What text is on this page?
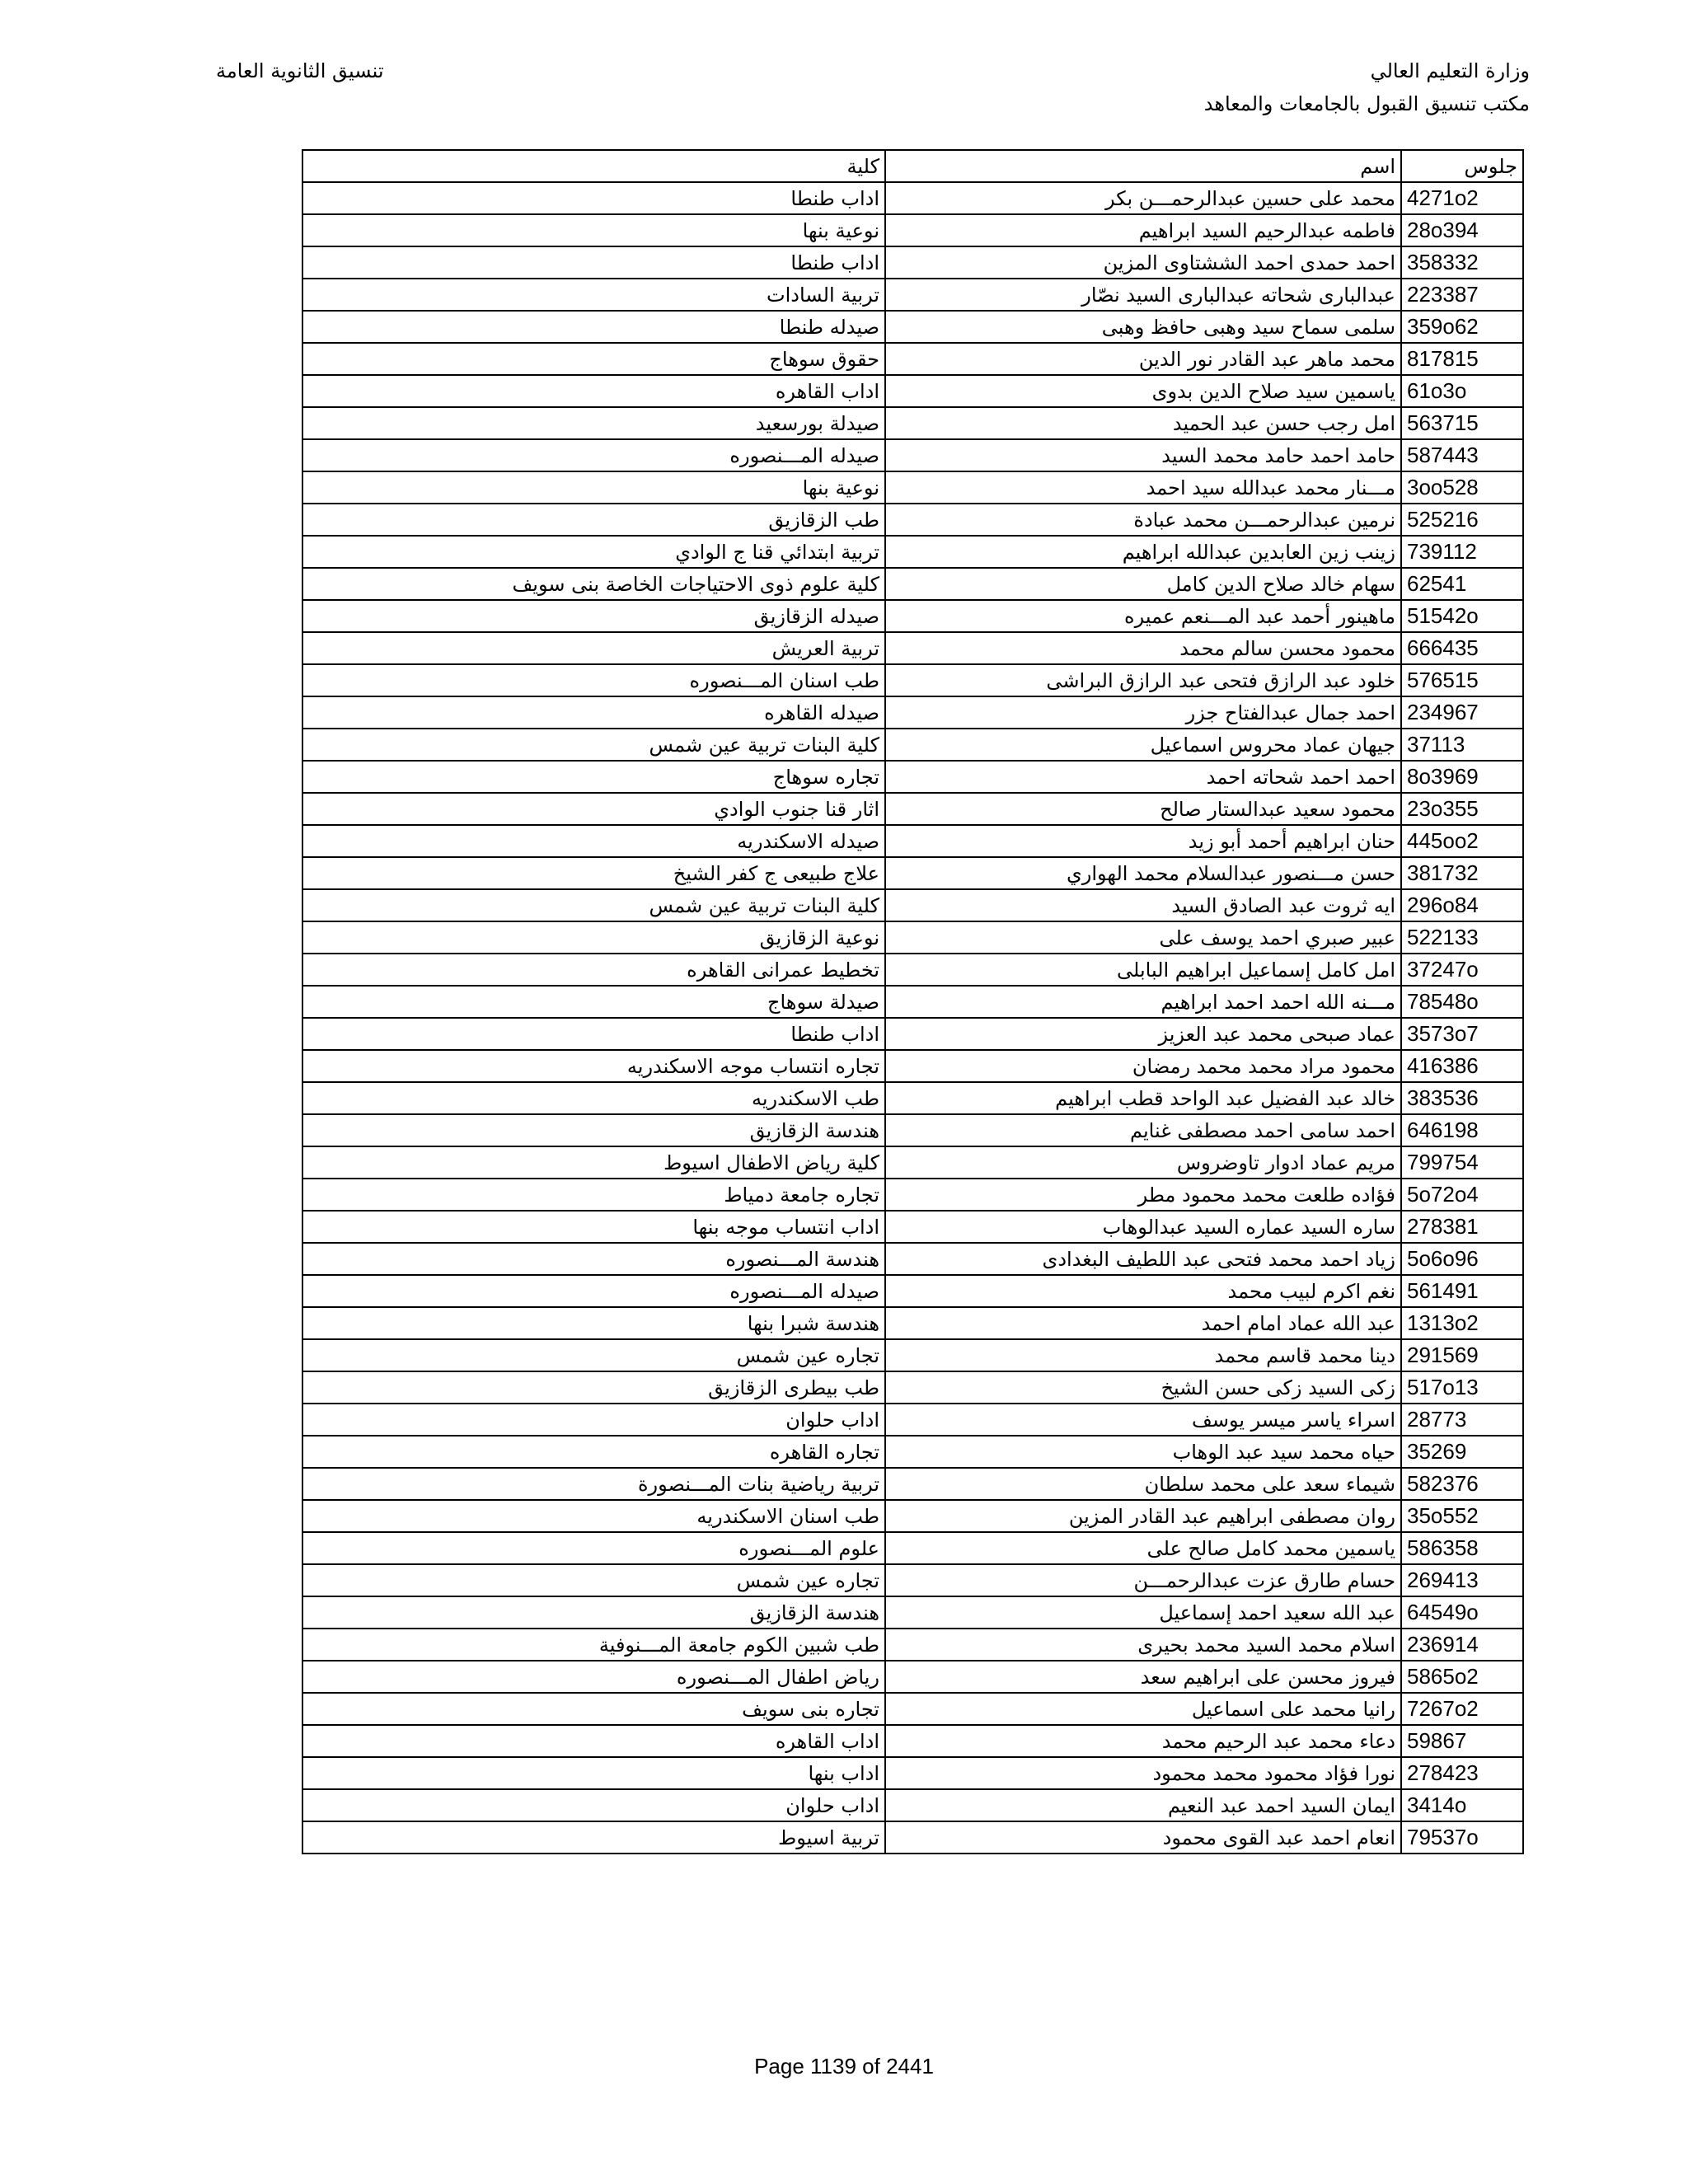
وزارة التعليم العالي
مكتب تنسيق القبول بالجامعات والمعاهد
تنسيق الثانوية العامة
جلوس	اسم	كلية
4271o2	محمد على حسين عبدالرحمـــن بكر	اداب طنطا
28o394	فاطمه عبدالرحيم السيد ابراهيم	نوعية بنها
358332	احمد حمدى احمد الششتاوى المزين	اداب طنطا
223387	عبدالبارى شحاته عبدالبارى السيد نصّار	تربية السادات
359o62	سلمى سماح سيد وهبى حافظ وهبى	صيدله طنطا
817815	محمد ماهر عبد القادر نور الدين	حقوق سوهاج
61o3o	ياسمين سيد صلاح الدين بدوى	اداب القاهره
563715	امل رجب حسن عبد الحميد	صيدلة بورسعيد
587443	حامد احمد حامد محمد السيد	صيدله المـــنصوره
3oo528	مـــنار محمد عبدالله سيد احمد	نوعية بنها
525216	نرمين عبدالرحمـــن محمد عبادة	طب الزقازيق
739112	زينب زين العابدين عبدالله ابراهيم	تربية ابتدائي قنا ج الوادي
62541	سهام خالد صلاح الدين كامل	كلية علوم ذوى الاحتياجات الخاصة بنى سويف
51542o	ماهينور أحمد عبد المـــنعم عميره	صيدله الزقازيق
666435	محمود محسن سالم محمد	تربية العريش
576515	خلود عبد الرازق فتحى عبد الرازق البراشى	طب اسنان المـــنصوره
234967	احمد جمال عبدالفتاح جزر	صيدله القاهره
37113	جيهان عماد محروس اسماعيل	كلية البنات تربية عين شمس
8o3969	احمد احمد شحاته احمد	تجاره سوهاج
23o355	محمود سعيد عبدالستار صالح	اثار قنا جنوب الوادي
445oo2	حنان ابراهيم أحمد أبو زيد	صيدله الاسكندريه
381732	حسن مـــنصور عبدالسلام محمد الهواري	علاج طبيعى ج كفر الشيخ
296o84	ايه ثروت عبد الصادق السيد	كلية البنات تربية عين شمس
522133	عبير صبري احمد يوسف على	نوعية الزقازيق
37247o	امل كامل إسماعيل ابراهيم البابلى	تخطيط عمرانى القاهره
78548o	مـــنه الله احمد احمد ابراهيم	صيدلة سوهاج
3573o7	عماد صبحى محمد عبد العزيز	اداب طنطا
416386	محمود مراد محمد محمد رمضان	تجاره انتساب موجه الاسكندريه
383536	خالد عبد الفضيل عبد الواحد قطب ابراهيم	طب الاسكندريه
646198	احمد سامى احمد مصطفى غنايم	هندسة الزقازيق
799754	مريم عماد ادوار تاوضروس	كلية رياض الاطفال اسيوط
5o72o4	فؤاده طلعت محمد محمود مطر	تجاره جامعة دمياط
278381	ساره السيد عماره السيد عبدالوهاب	اداب انتساب موجه بنها
5o6o96	زياد احمد محمد فتحى عبد اللطيف البغدادى	هندسة المـــنصوره
561491	نغم اكرم لبيب محمد	صيدله المـــنصوره
1313o2	عبد الله عماد امام احمد	هندسة شبرا بنها
291569	دينا محمد قاسم محمد	تجاره عين شمس
517o13	زكى السيد زكى حسن الشيخ	طب بيطرى الزقازيق
28773	اسراء ياسر ميسر يوسف	اداب حلوان
35269	حياه محمد سيد عبد الوهاب	تجاره القاهره
582376	شيماء سعد على محمد سلطان	تربية رياضية بنات المـــنصورة
35o552	روان مصطفى ابراهيم عبد القادر المزين	طب اسنان الاسكندريه
586358	ياسمين محمد كامل صالح على	علوم المـــنصوره
269413	حسام طارق عزت عبدالرحمـــن	تجاره عين شمس
64549o	عبد الله سعيد احمد إسماعيل	هندسة الزقازيق
236914	اسلام محمد السيد محمد بحيرى	طب شبين الكوم جامعة المـــنوفية
5865o2	فيروز محسن على ابراهيم سعد	رياض اطفال المـــنصوره
7267o2	رانيا محمد على اسماعيل	تجاره بنى سويف
59867	دعاء محمد عبد الرحيم محمد	اداب القاهره
278423	نورا فؤاد محمود محمد محمود	اداب بنها
3414o	ايمان السيد احمد عبد النعيم	اداب حلوان
79537o	انعام احمد عبد القوى محمود	تربية اسيوط
Page 1139 of 2441
